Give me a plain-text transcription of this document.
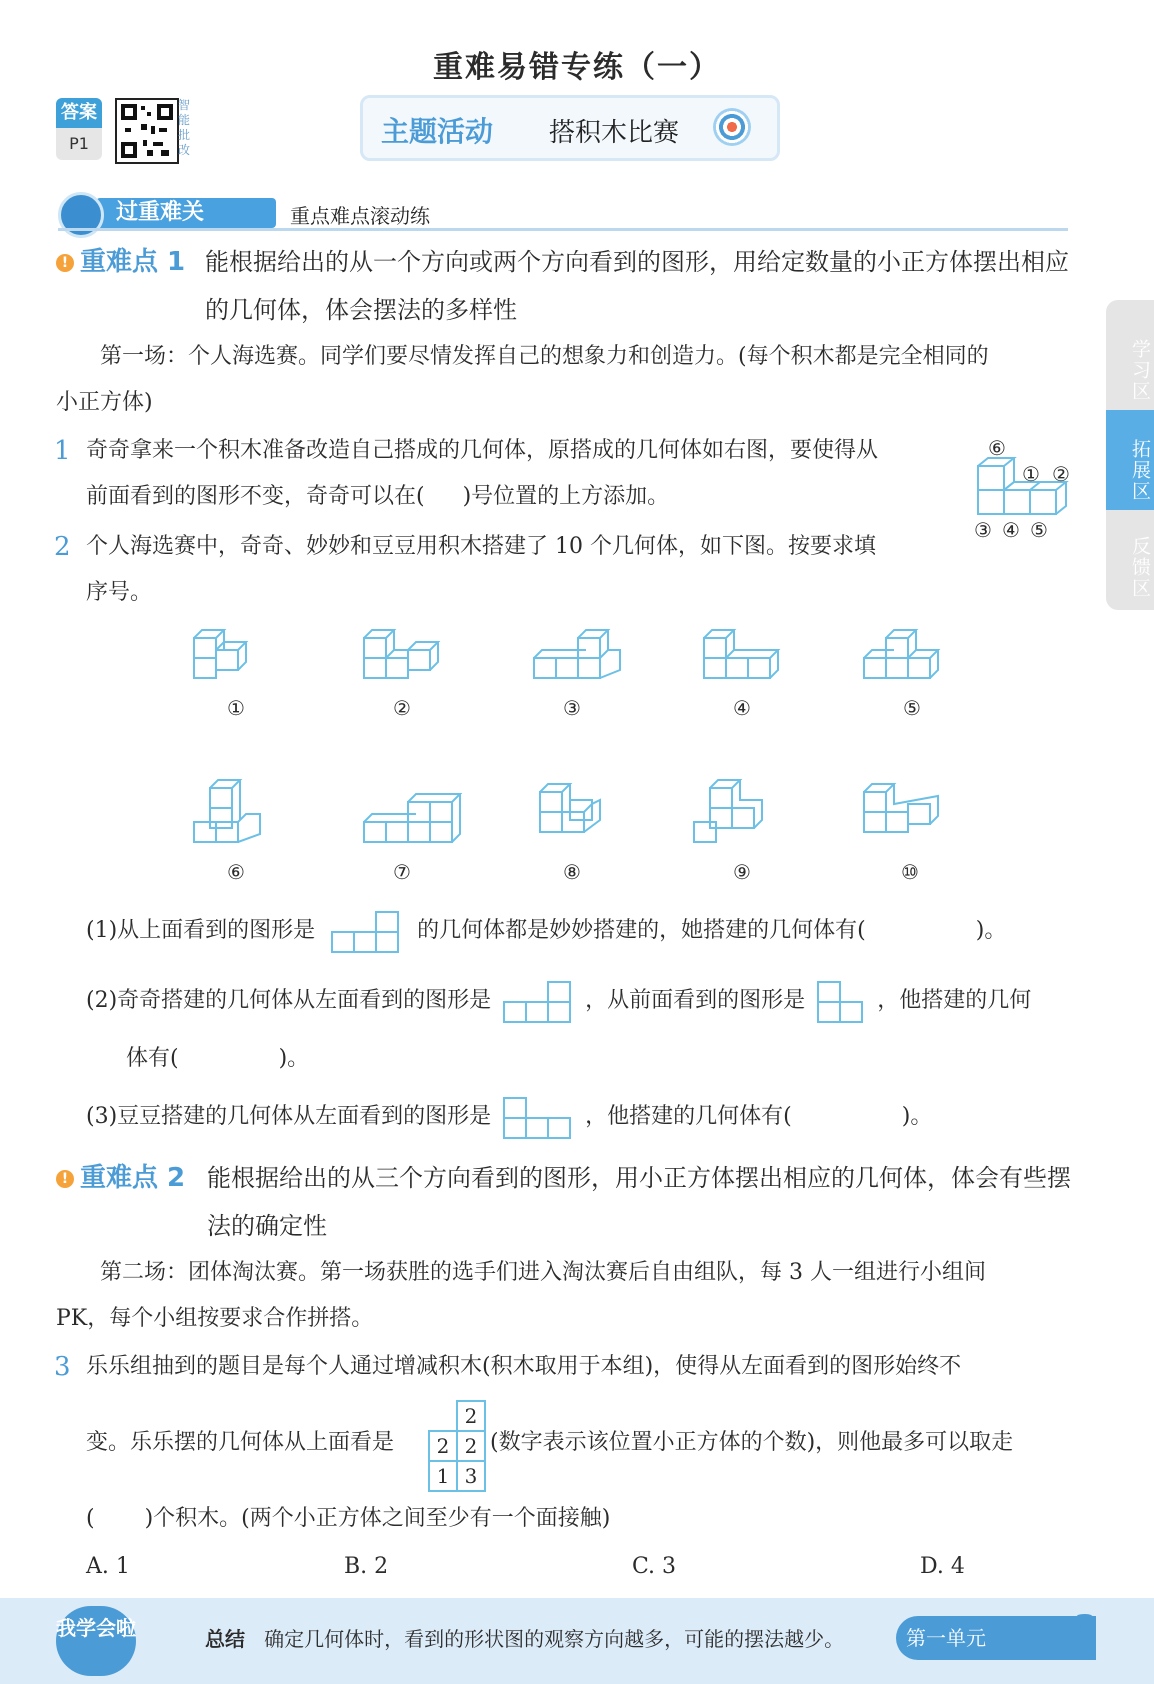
重难易错专练（一）
答案
P1
智能批改
主题活动 搭积木比赛
过重难关	重点难点滚动练
学习区
拓展区
反馈区
! 重难点 1 能根据给出的从一个方向或两个方向看到的图形，用给定数量的小正方体摆出相应
的几何体，体会摆法的多样性
第一场：个人海选赛。同学们要尽情发挥自己的想象力和创造力。(每个积木都是完全相同的
小正方体)
1 奇奇拿来一个积木准备改造自己搭成的几何体，原搭成的几何体如右图，要使得从
前面看到的图形不变，奇奇可以在( )号位置的上方添加。
⑥
① ②
③ ④ ⑤
2 个人海选赛中，奇奇、妙妙和豆豆用积木搭建了 10 个几何体，如下图。按要求填
序号。
①	②	③	④	⑤
⑥	⑦	⑧	⑨	⑩
(1)从上面看到的图形是	的几何体都是妙妙搭建的，她搭建的几何体有(	)。
(2)奇奇搭建的几何体从左面看到的图形是	，从前面看到的图形是	，他搭建的几何
体有(	)。
(3)豆豆搭建的几何体从左面看到的图形是	，他搭建的几何体有(	)。
! 重难点 2 能根据给出的从三个方向看到的图形，用小正方体摆出相应的几何体，体会有些摆
法的确定性
第二场：团体淘汰赛。第一场获胜的选手们进入淘汰赛后自由组队，每 3 人一组进行小组间
PK，每个小组按要求合作拼搭。
3 乐乐组抽到的题目是每个人通过增减积木(积木取用于本组)，使得从左面看到的图形始终不
变。乐乐摆的几何体从上面看是
	2
2	2
1	3
(数字表示该位置小正方体的个数)，则他最多可以取走
( )个积木。(两个小正方体之间至少有一个面接触)
A. 1	B. 2	C. 3	D. 4
我学会啦	总结 确定几何体时，看到的形状图的观察方向越多，可能的摆法越少。	第一单元	3
